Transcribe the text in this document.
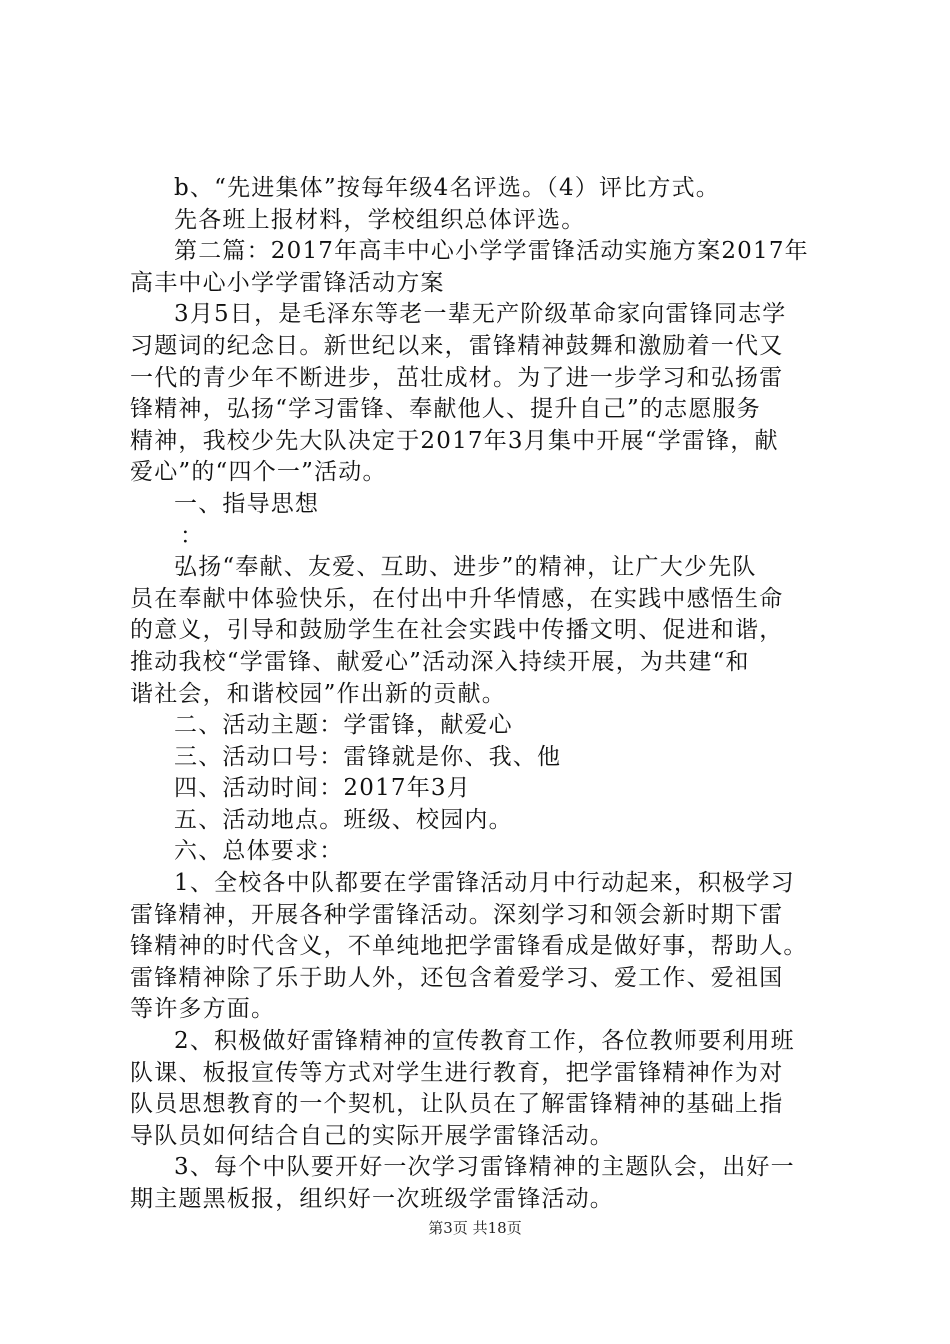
b、“先进集体”按每年级4名评选。（4）评比方式。
先各班上报材料，学校组织总体评选。
第二篇：2017年高丰中心小学学雷锋活动实施方案2017年
高丰中心小学学雷锋活动方案
3月5日，是毛泽东等老一辈无产阶级革命家向雷锋同志学
习题词的纪念日。新世纪以来，雷锋精神鼓舞和激励着一代又
一代的青少年不断进步，茁壮成材。为了进一步学习和弘扬雷
锋精神，弘扬“学习雷锋、奉献他人、提升自己”的志愿服务
精神，我校少先大队决定于2017年3月集中开展“学雷锋，献
爱心”的“四个一”活动。
一、指导思想
：
弘扬“奉献、友爱、互助、进步”的精神，让广大少先队
员在奉献中体验快乐，在付出中升华情感，在实践中感悟生命
的意义，引导和鼓励学生在社会实践中传播文明、促进和谐，
推动我校“学雷锋、献爱心”活动深入持续开展，为共建“和
谐社会，和谐校园”作出新的贡献。
二、活动主题：学雷锋，献爱心
三、活动口号：雷锋就是你、我、他
四、活动时间：2017年3月
五、活动地点。班级、校园内。
六、总体要求：
1、全校各中队都要在学雷锋活动月中行动起来，积极学习
雷锋精神，开展各种学雷锋活动。深刻学习和领会新时期下雷
锋精神的时代含义，不单纯地把学雷锋看成是做好事，帮助人。
雷锋精神除了乐于助人外，还包含着爱学习、爱工作、爱祖国
等许多方面。
2、积极做好雷锋精神的宣传教育工作，各位教师要利用班
队课、板报宣传等方式对学生进行教育，把学雷锋精神作为对
队员思想教育的一个契机，让队员在了解雷锋精神的基础上指
导队员如何结合自己的实际开展学雷锋活动。
3、每个中队要开好一次学习雷锋精神的主题队会，出好一
期主题黑板报，组织好一次班级学雷锋活动。
第3页 共18页
